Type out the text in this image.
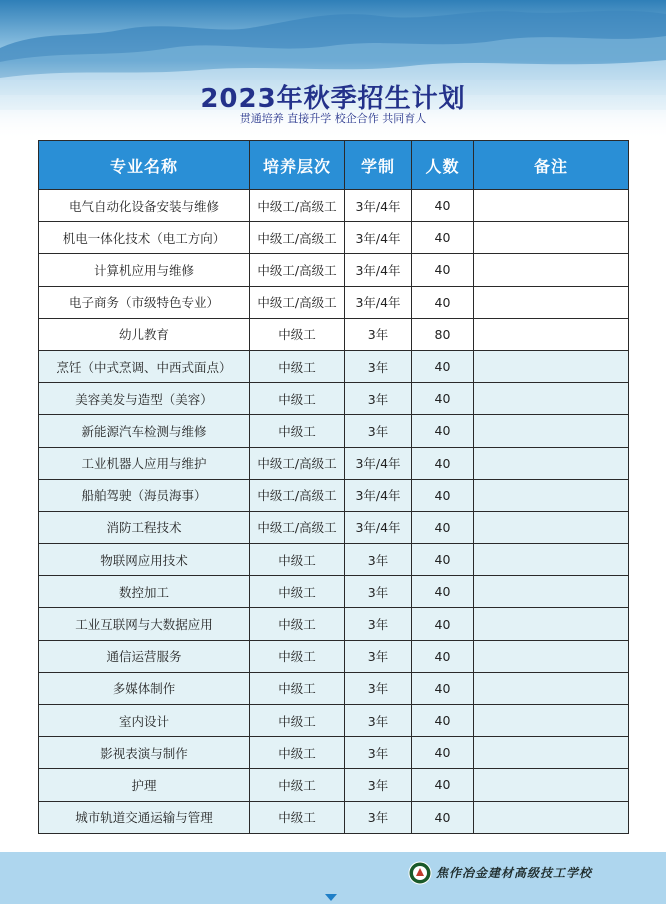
2023年秋季招生计划
贯通培养 直接升学 校企合作 共同育人
专业名称	培养层次	学制	人数	备注
电气自动化设备安装与维修	中级工/高级工	3年/4年	40	
机电一体化技术（电工方向）	中级工/高级工	3年/4年	40	
计算机应用与维修	中级工/高级工	3年/4年	40	
电子商务（市级特色专业）	中级工/高级工	3年/4年	40	
幼儿教育	中级工	3年	80	
烹饪（中式烹调、中西式面点）	中级工	3年	40	
美容美发与造型（美容）	中级工	3年	40	
新能源汽车检测与维修	中级工	3年	40	
工业机器人应用与维护	中级工/高级工	3年/4年	40	
船舶驾驶（海员海事）	中级工/高级工	3年/4年	40	
消防工程技术	中级工/高级工	3年/4年	40	
物联网应用技术	中级工	3年	40	
数控加工	中级工	3年	40	
工业互联网与大数据应用	中级工	3年	40	
通信运营服务	中级工	3年	40	
多媒体制作	中级工	3年	40	
室内设计	中级工	3年	40	
影视表演与制作	中级工	3年	40	
护理	中级工	3年	40	
城市轨道交通运输与管理	中级工	3年	40	
焦作冶金建材高级技工学校
